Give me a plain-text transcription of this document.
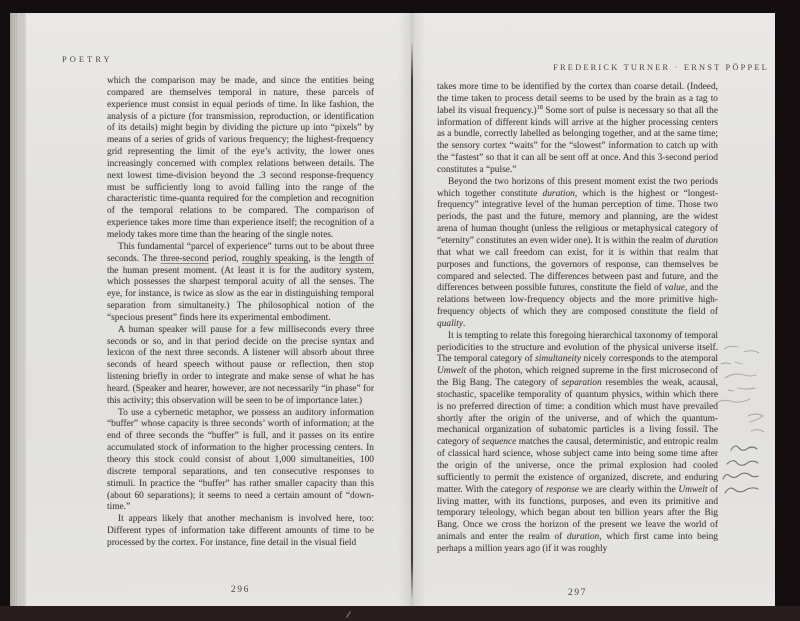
POETRY

which the comparison may be made, and since the entities being compared are themselves temporal in nature, these parcels of experience must consist in equal periods of time. In like fashion, the analysis of a picture (for transmission, reproduction, or identification of its details) might begin by dividing the picture up into “pixels” by means of a series of grids of various frequency; the highest-frequency grid representing the limit of the eye’s activity, the lower ones increasingly concerned with complex relations between details. The next lowest time-division beyond the .3 second response-frequency must be sufficiently long to avoid falling into the range of the characteristic time-quanta required for the completion and recognition of the temporal relations to be compared. The comparison of experience takes more time than experience itself; the recognition of a melody takes more time than the hearing of the single notes.

This fundamental “parcel of experience” turns out to be about three seconds. The three-second period, roughly speaking, is the length of the human present moment. (At least it is for the auditory system, which possesses the sharpest temporal acuity of all the senses. The eye, for instance, is twice as slow as the ear in distinguishing temporal separation from simultaneity.) The philosophical notion of the “specious present” finds here its experimental embodiment.

A human speaker will pause for a few milliseconds every three seconds or so, and in that period decide on the precise syntax and lexicon of the next three seconds. A listener will absorb about three seconds of heard speech without pause or reflection, then stop listening briefly in order to integrate and make sense of what he has heard. (Speaker and hearer, however, are not necessarily “in phase” for this activity; this observation will be seen to be of importance later.)

To use a cybernetic metaphor, we possess an auditory information “buffer” whose capacity is three seconds’ worth of information; at the end of three seconds the “buffer” is full, and it passes on its entire accumulated stock of information to the higher processing centers. In theory this stock could consist of about 1,000 simultaneities, 100 discrete temporal separations, and ten consecutive responses to stimuli. In practice the “buffer” has rather smaller capacity than this (about 60 separations); it seems to need a certain amount of “down-time.”

It appears likely that another mechanism is involved here, too: Different types of information take different amounts of time to be processed by the cortex. For instance, fine detail in the visual field

296
FREDERICK TURNER · ERNST PÖPPEL

takes more time to be identified by the cortex than coarse detail. (Indeed, the time taken to process detail seems to be used by the brain as a tag to label its visual frequency.)$^{18}$ Some sort of pulse is necessary so that all the information of different kinds will arrive at the higher processing centers as a bundle, correctly labelled as belonging together, and at the same time; the sensory cortex “waits” for the “slowest” information to catch up with the “fastest” so that it can all be sent off at once. And this 3-second period constitutes a “pulse.”

Beyond the two horizons of this present moment exist the two periods which together constitute duration, which is the highest or “longest-frequency” integrative level of the human perception of time. Those two periods, the past and the future, memory and planning, are the widest arena of human thought (unless the religious or metaphysical category of “eternity” constitutes an even wider one). It is within the realm of duration that what we call freedom can exist, for it is within that realm that purposes and functions, the governors of response, can themselves be compared and selected. The differences between past and future, and the differences between possible futures, constitute the field of value, and the relations between low-frequency objects and the more primitive high-frequency objects of which they are composed constitute the field of quality.

It is tempting to relate this foregoing hierarchical taxonomy of temporal periodicities to the structure and evolution of the physical universe itself. The temporal category of simultaneity nicely corresponds to the atemporal Umwelt of the photon, which reigned supreme in the first microsecond of the Big Bang. The category of separation resembles the weak, acausal, stochastic, spacelike temporality of quantum physics, within which there is no preferred direction of time: a condition which must have prevailed shortly after the origin of the universe, and of which the quantum-mechanical organization of subatomic particles is a living fossil. The category of sequence matches the causal, deterministic, and entropic realm of classical hard science, whose subject came into being some time after the origin of the universe, once the primal explosion had cooled sufficiently to permit the existence of organized, discrete, and enduring matter. With the category of response we are clearly within the Umwelt of living matter, with its functions, purposes, and even its primitive and temporary teleology, which began about ten billion years after the Big Bang. Once we cross the horizon of the present we leave the world of animals and enter the realm of duration, which first came into being perhaps a million years ago (if it was roughly

297
